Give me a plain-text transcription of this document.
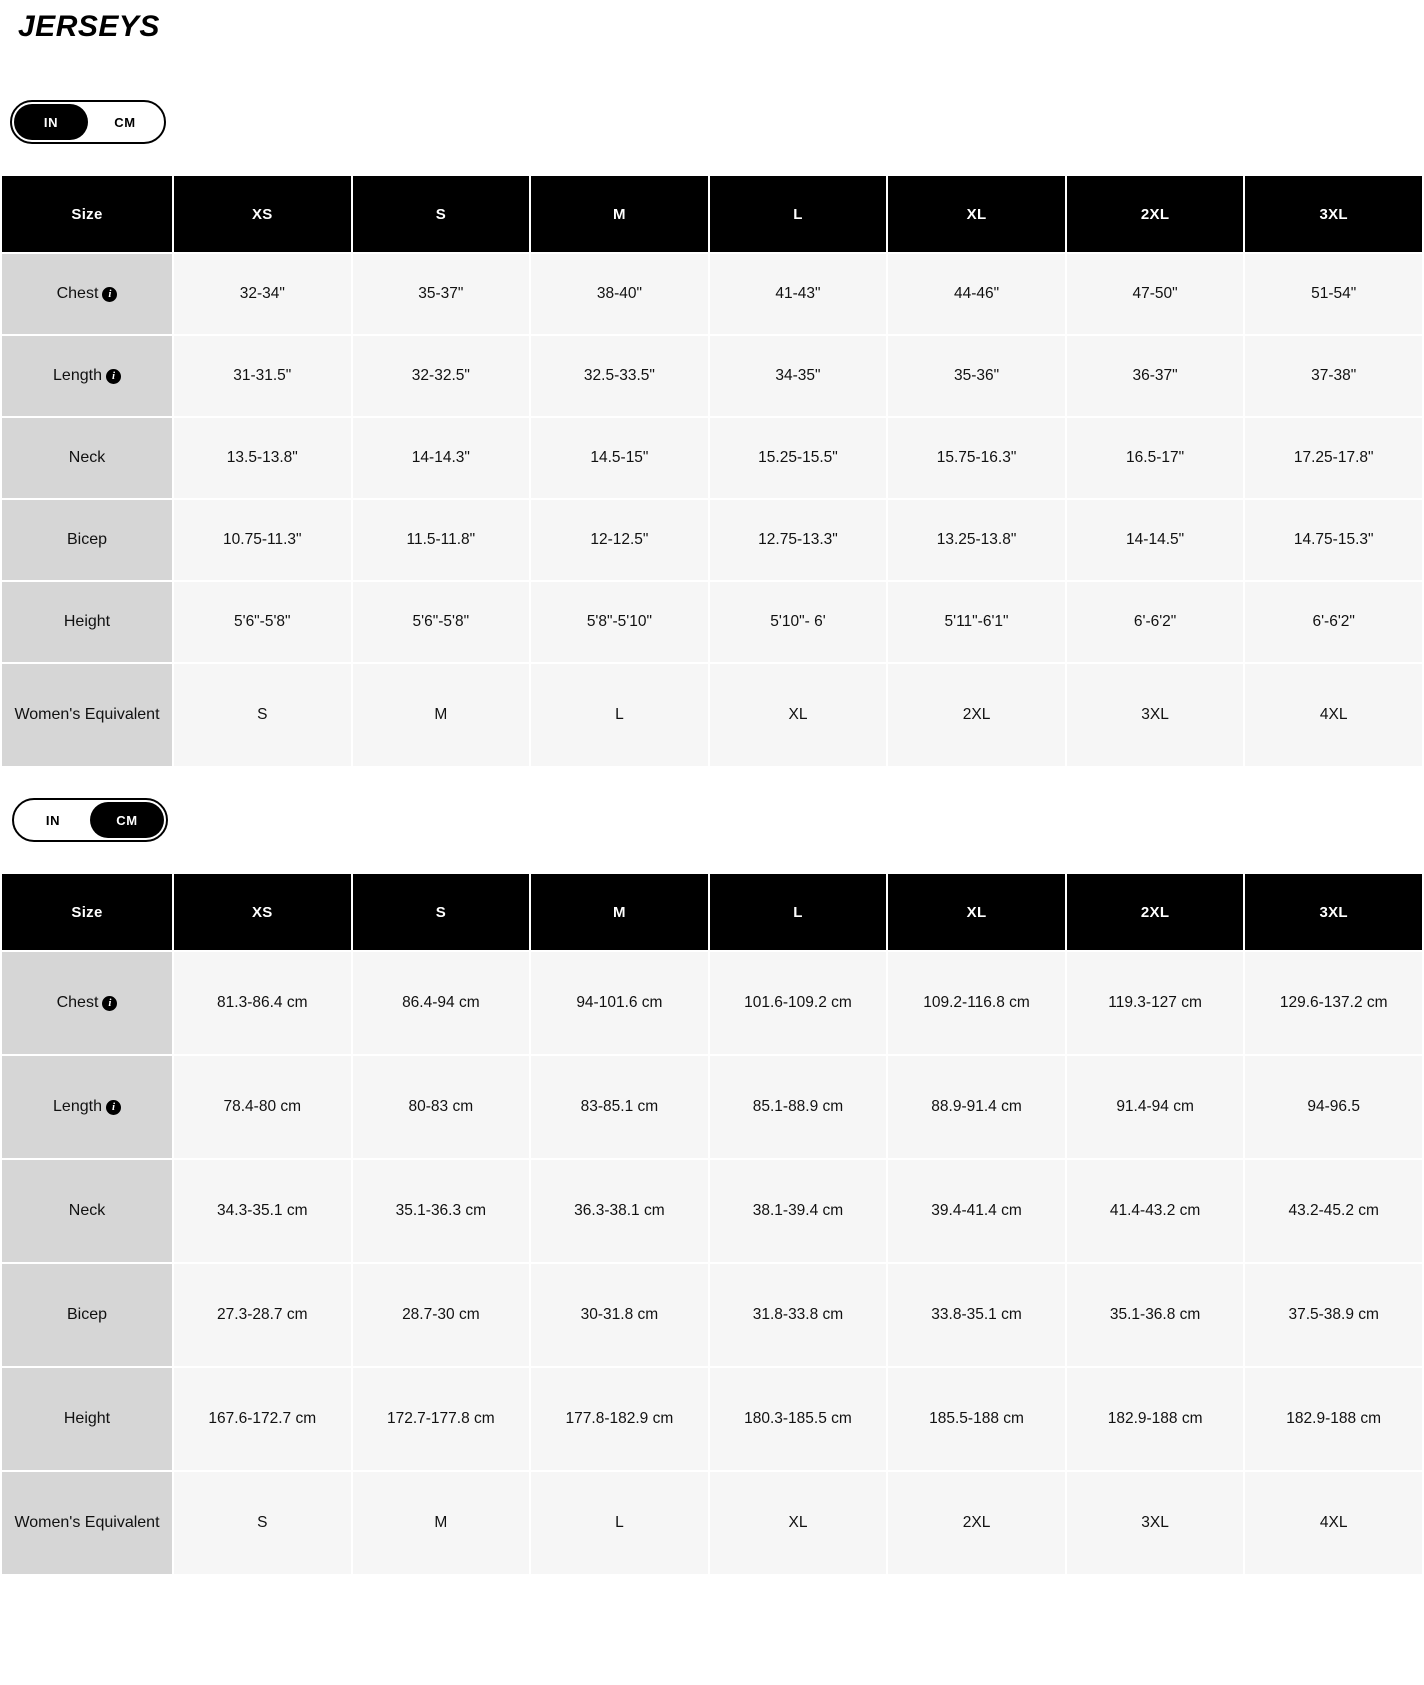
JERSEYS
IN	CM
Size	XS	S	M	L	XL	2XL	3XL

Chest i	32-34"	35-37"	38-40"	41-43"	44-46"	47-50"	51-54"

Length i	31-31.5"	32-32.5"	32.5-33.5"	34-35"	35-36"	36-37"	37-38"
Neck	13.5-13.8"	14-14.3"	14.5-15"	15.25-15.5"	15.75-16.3"	16.5-17"	17.25-17.8"
Bicep	10.75-11.3"	11.5-11.8"	12-12.5"	12.75-13.3"	13.25-13.8"	14-14.5"	14.75-15.3"
Height	5'6"-5'8"	5'6"-5'8"	5'8"-5'10"	5'10"- 6'	5'11"-6'1"	6'-6'2"	6'-6'2"
Women's Equivalent	S	M	L	XL	2XL	3XL	4XL
IN	CM
Size	XS	S	M	L	XL	2XL	3XL

Chest i	81.3-86.4 cm	86.4-94 cm	94-101.6 cm	101.6-109.2 cm	109.2-116.8 cm	119.3-127 cm	129.6-137.2 cm

Length i	78.4-80 cm	80-83 cm	83-85.1 cm	85.1-88.9 cm	88.9-91.4 cm	91.4-94 cm	94-96.5
Neck	34.3-35.1 cm	35.1-36.3 cm	36.3-38.1 cm	38.1-39.4 cm	39.4-41.4 cm	41.4-43.2 cm	43.2-45.2 cm
Bicep	27.3-28.7 cm	28.7-30 cm	30-31.8 cm	31.8-33.8 cm	33.8-35.1 cm	35.1-36.8 cm	37.5-38.9 cm
Height	167.6-172.7 cm	172.7-177.8 cm	177.8-182.9 cm	180.3-185.5 cm	185.5-188 cm	182.9-188 cm	182.9-188 cm
Women's Equivalent	S	M	L	XL	2XL	3XL	4XL
